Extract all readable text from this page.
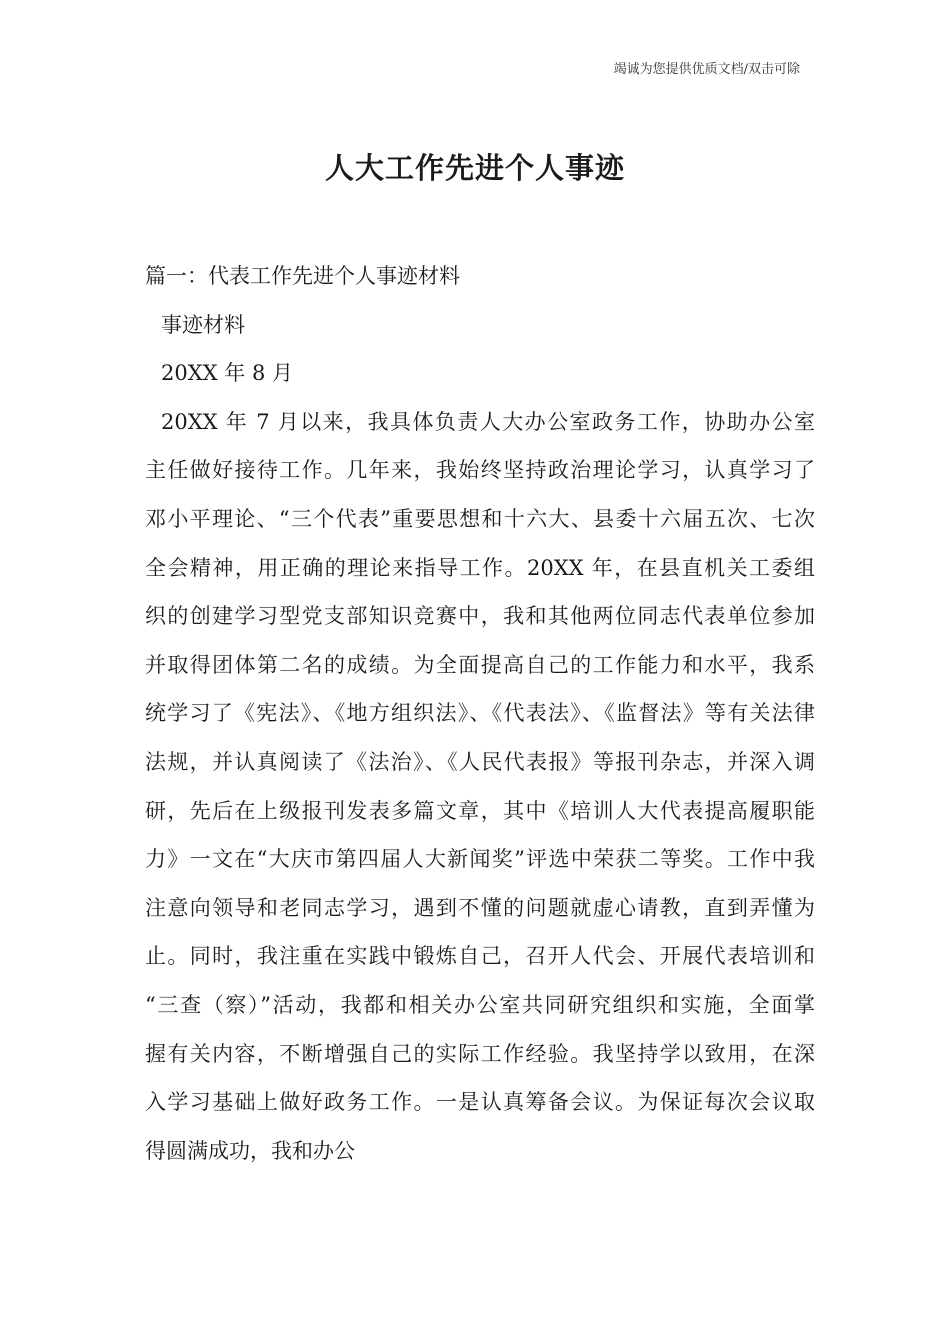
竭诚为您提供优质文档/双击可除
人大工作先进个人事迹
篇一：代表工作先进个人事迹材料
事迹材料
20XX 年 8 月
20XX 年 7 月以来，我具体负责人大办公室政务工作，协助办公室
主任做好接待工作。几年来，我始终坚持政治理论学习，认真学习了
邓小平理论、“三个代表”重要思想和十六大、县委十六届五次、七次
全会精神，用正确的理论来指导工作。20XX 年，在县直机关工委组
织的创建学习型党支部知识竞赛中，我和其他两位同志代表单位参加
并取得团体第二名的成绩。为全面提高自己的工作能力和水平，我系
统学习了《宪法》、《地方组织法》、《代表法》、《监督法》等有关法律
法规，并认真阅读了《法治》、《人民代表报》等报刊杂志，并深入调
研，先后在上级报刊发表多篇文章，其中《培训人大代表提高履职能
力》一文在“大庆市第四届人大新闻奖”评选中荣获二等奖。工作中我
注意向领导和老同志学习，遇到不懂的问题就虚心请教，直到弄懂为
止。同时，我注重在实践中锻炼自己，召开人代会、开展代表培训和
“三查（察）”活动，我都和相关办公室共同研究组织和实施，全面掌
握有关内容，不断增强自己的实际工作经验。我坚持学以致用，在深
入学习基础上做好政务工作。一是认真筹备会议。为保证每次会议取
得圆满成功，我和办公
